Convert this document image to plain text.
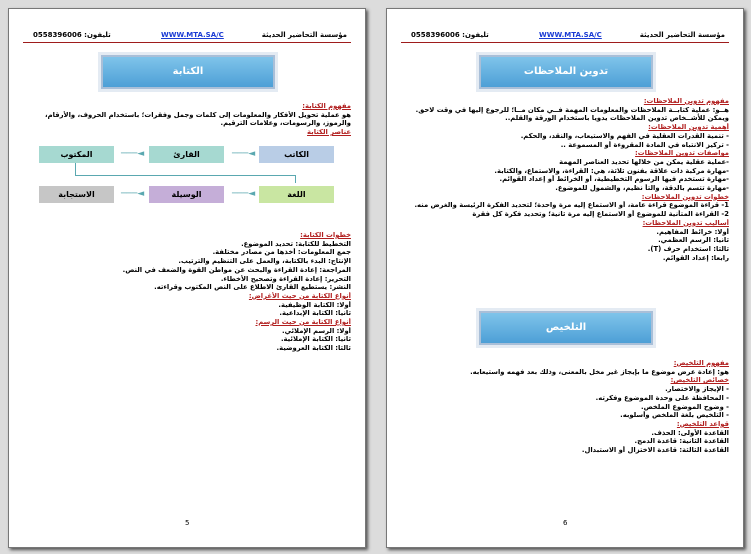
مؤسسة التحاضير الحديثة
WWW.MTA.SA/C
تليفون: 0558396006
الكتابة
مفهوم الكتابة:
هو عملية تحويل الأفكار والمعلومات إلى كلمات وجمل وفقرات؛ باستخدام الحروف، والأرقام، والرموز، والرسومات، وعلامات الترقيم.
عناصر الكتابة
الكاتب
القارئ
المكتوب	◄───
◄───
اللغة
الوسيلة
الاستجابة	◄───
◄───
خطوات الكتابة:
التخطيط للكتابة: تحديد الموضوع.
جمع المعلومات: أخذها من مصادر مختلفة.
الإنتاج: البدء بالكتابة، والعمل على التنظيم والترتيب.
المراجعة: إعادة القراءة والبحث عن مواطن القوة والضعف في النص.
التحرير: إعادة القراءة وتصحيح الأخطاء.
النشر: يستطيع القارئ الاطلاع على النص المكتوب وقراءته.
أنواع الكتابة من حيث الأغراض:
أولا: الكتابة الوظيفية.
ثانيا: الكتابة الإبداعية.
أنواع الكتابة من حيث الرسم:
أولا: الرسم الإملائي.
ثانيا: الكتابة الإملائية.
ثالثا: الكتابة العروضية.
5
مؤسسة التحاضير الحديثة
WWW.MTA.SA/C
تليفون: 0558396006
تدوين الملاحظات
مفهوم تدوين الملاحظات:
هــو: عملية كتابــة الملاحظات والمعلومات المهمة فــي مكان مــا؛ للرجوع إليها في وقت لاحق. ويمكن للأشــخاص تدوين الملاحظات يدويا باستخدام الورقة والقلم..
أهمية تدوين الملاحظات:
- تنمية القدرات العقلية في الفهم والاستيعاب، والنقد، والحكم.
- تركيز الانتباه في المادة المقروءة أو المسموعة ..
مواصفات تدوين الملاحظات:
-عملية عقلية يمكن من خلالها تحديد العناصر المهمة
-مهارة مركبة ذات علاقة بفنون ثلاثة، هي: القراءة، والاستماع، والكتابة.
-مهارة تستخدم فيها الرسوم التخطيطية، أو الخرائط أو إعداد القوائم.
-مهارة تتسم بالدقة، والتأ نظيم، والشمول للموضوع.
خطوات تدوين الملاحظات:
1- قراءة الموضوع قراءة عامة، أو الاستماع إليه مرة واحدة؛ لتحديد الفكرة الرئيسة والغرض منه.
2- القراءة المتأنية للموضوع أو الاستماع إليه مرة ثانية؛ وتحديد فكرة كل فقرة
أساليب تدوين الملاحظات:
أولا: خرائط المفاهيم.
ثانيا: الرسم العظمي.
ثالثا: استخدام حرف (T).
رابعا: إعداد القوائم.
التلخيص
مفهوم التلخيص:
هو: إعادة عرض موضوع ما بإيجاز غير مخل بالمعنى، وذلك بعد فهمه واستيعابه.
خصائص التلخيص:
- الإيجاز والاختصار.
- المحافظة على وحدة الموضوع وفكرته.
- وضوح الموضوع الملخص.
- التلخيص بلغة الملخص وأسلوبه.
قواعد التلخيص:
القاعدة الأولى: الحذف.
القاعدة الثانية: قاعدة الدمج.
القاعدة الثالثة: قاعدة الاختزال أو الاستبدال.
6
